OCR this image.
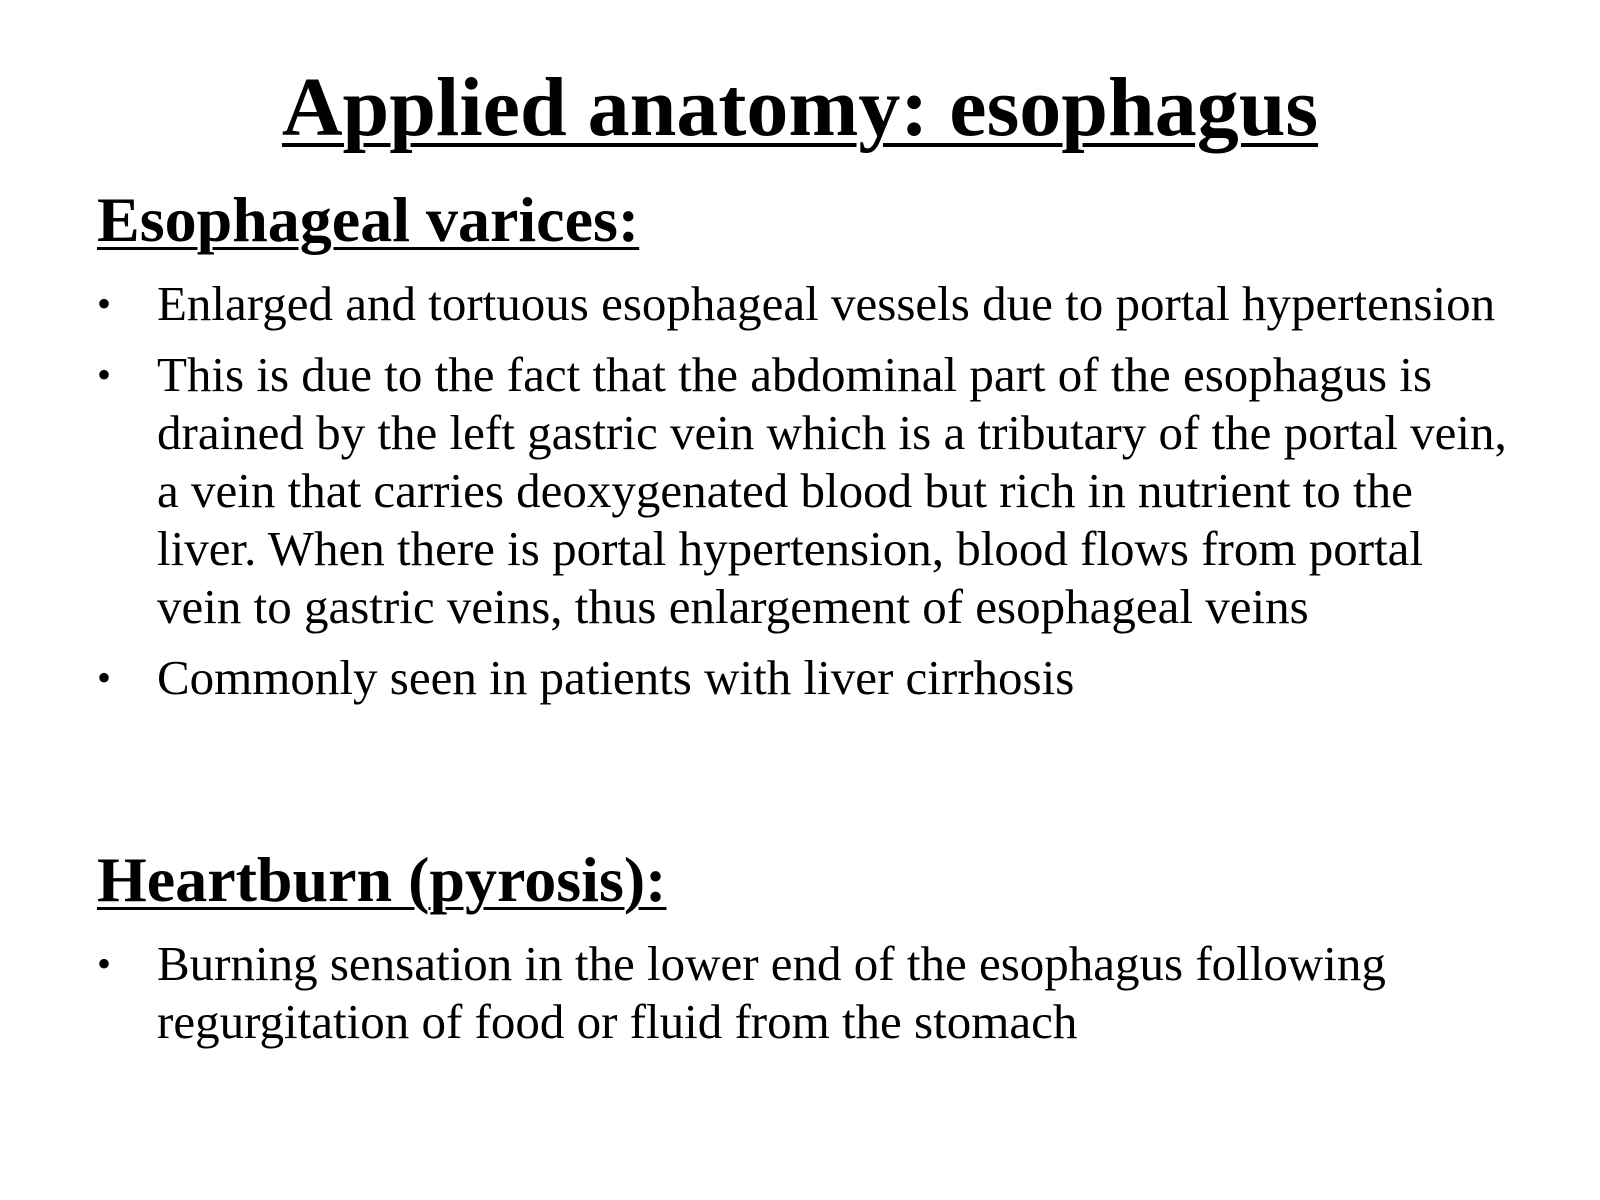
Applied anatomy: esophagus
Esophageal varices:
• Enlarged and tortuous esophageal vessels due to portal hypertension
• This is due to the fact that the abdominal part of the esophagus is drained by the left gastric vein which is a tributary of the portal vein, a vein that carries deoxygenated blood but rich in nutrient to the liver. When there is portal hypertension, blood flows from portal vein to gastric veins, thus enlargement of esophageal veins
• Commonly seen in patients with liver cirrhosis
Heartburn (pyrosis):
• Burning sensation in the lower end of the esophagus following regurgitation of food or fluid from the stomach
